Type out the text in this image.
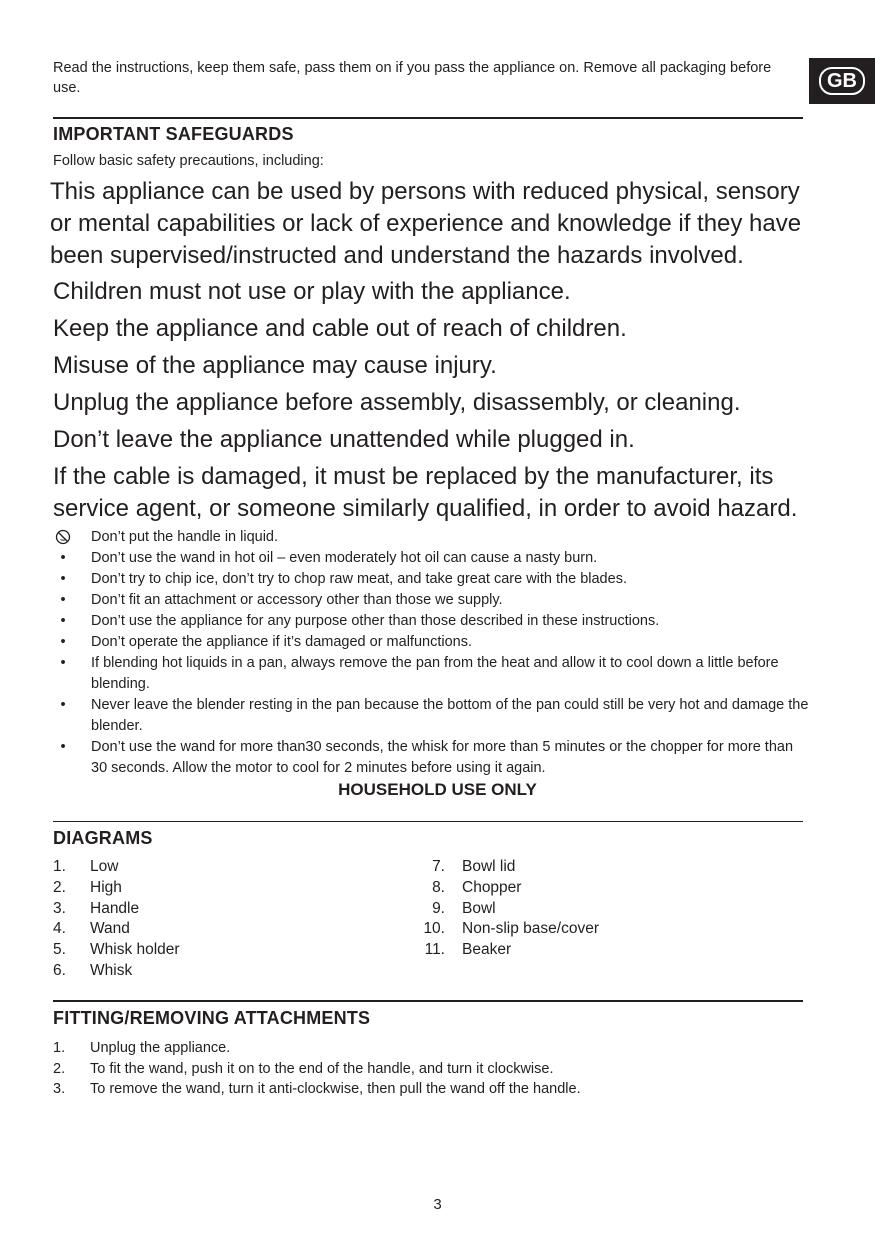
Read the instructions, keep them safe, pass them on if you pass the appliance on. Remove all packaging before use.	GB
IMPORTANT SAFEGUARDS
Follow basic safety precautions, including:
This appliance can be used by persons with reduced physical, sensory or mental capabilities or lack of experience and knowledge if they have been supervised/instructed and understand the hazards involved.
Children must not use or play with the appliance.
Keep the appliance and cable out of reach of children.
Misuse of the appliance may cause injury.
Unplug the appliance before assembly, disassembly, or cleaning.
Don’t leave the appliance unattended while plugged in.
If the cable is damaged, it must be replaced by the manufacturer, its service agent, or someone similarly qualified, in order to avoid hazard.
Don’t put the handle in liquid.
•	Don’t use the wand in hot oil – even moderately hot oil can cause a nasty burn.
•	Don’t try to chip ice, don’t try to chop raw meat, and take great care with the blades.
•	Don’t fit an attachment or accessory other than those we supply.
•	Don’t use the appliance for any purpose other than those described in these instructions.
•	Don’t operate the appliance if it’s damaged or malfunctions.
•	If blending hot liquids in a pan, always remove the pan from the heat and allow it to cool down a little before blending.
•	Never leave the blender resting in the pan because the bottom of the pan could still be very hot and damage the blender.
•	Don’t use the wand for more than30 seconds, the whisk for more than 5 minutes or the chopper for more than 30 seconds. Allow the motor to cool for 2 minutes before using it again.
HOUSEHOLD USE ONLY
DIAGRAMS
1. Low
2. High
3. Handle
4. Wand
5. Whisk holder
6. Whisk
7. Bowl lid
8. Chopper
9. Bowl
10. Non-slip base/cover
11. Beaker
FITTING/REMOVING ATTACHMENTS
1. Unplug the appliance.
2. To fit the wand, push it on to the end of the handle, and turn it clockwise.
3. To remove the wand, turn it anti-clockwise, then pull the wand off the handle.
3
